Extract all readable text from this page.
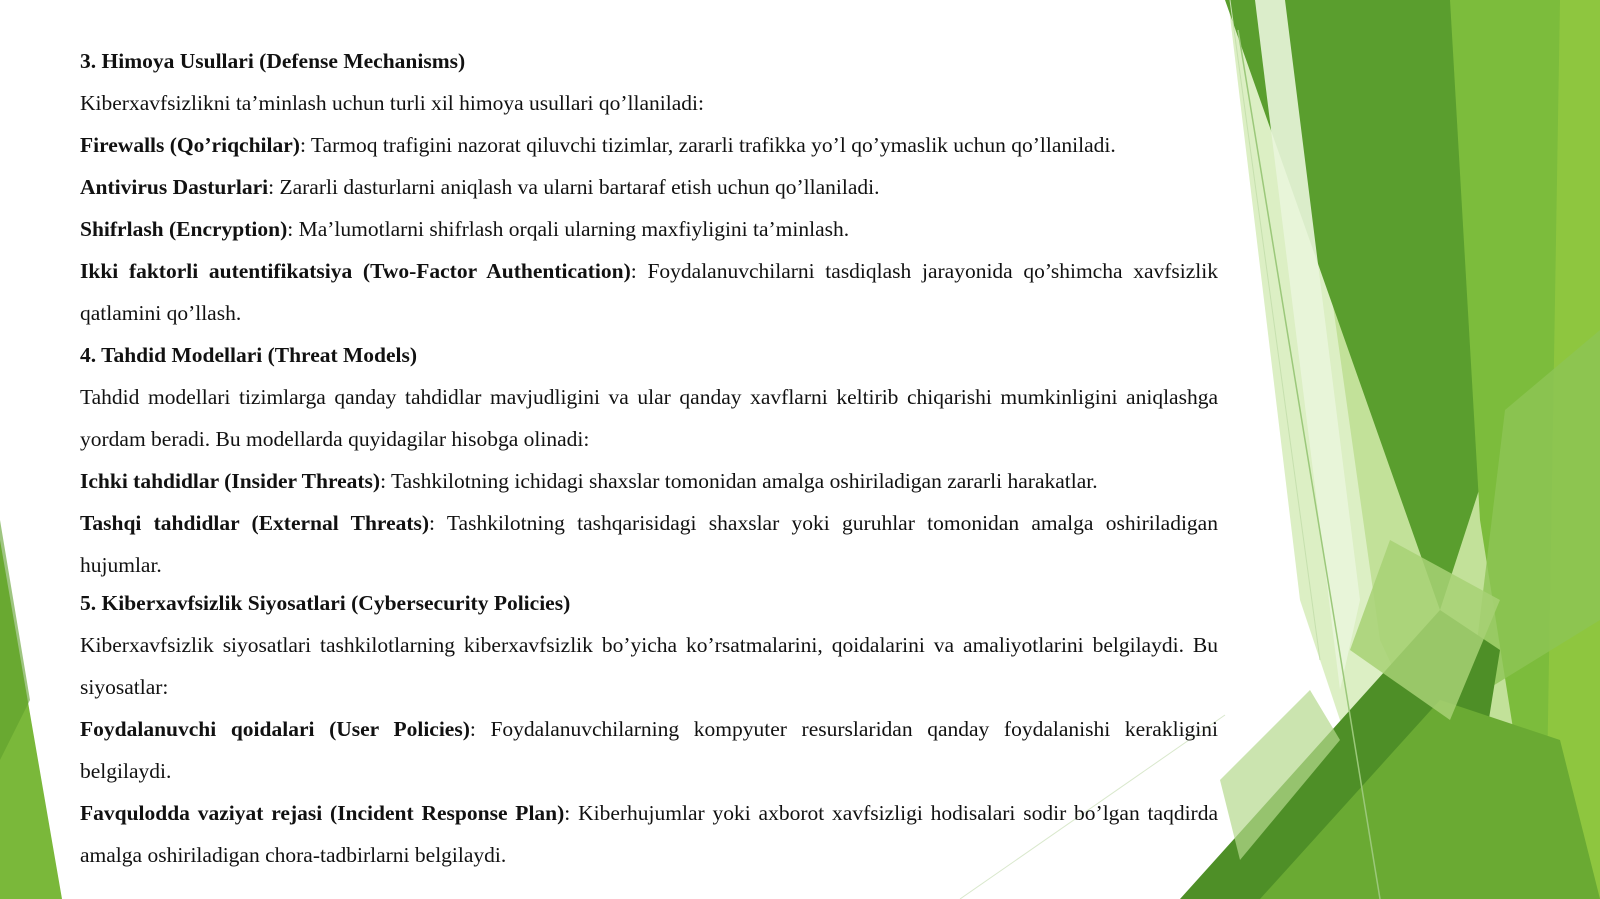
3. Himoya Usullari (Defense Mechanisms)

Kiberxavfsizlikni ta’minlash uchun turli xil himoya usullari qo’llaniladi:

Firewalls (Qo’riqchilar): Tarmoq trafigini nazorat qiluvchi tizimlar, zararli trafikka yo’l qo’ymaslik uchun qo’llaniladi.

Antivirus Dasturlari: Zararli dasturlarni aniqlash va ularni bartaraf etish uchun qo’llaniladi.

Shifrlash (Encryption): Ma’lumotlarni shifrlash orqali ularning maxfiyligini ta’minlash.

Ikki faktorli autentifikatsiya (Two-Factor Authentication): Foydalanuvchilarni tasdiqlash jarayonida qo’shimcha xavfsizlik qatlamini qo’llash.

4. Tahdid Modellari (Threat Models)

Tahdid modellari tizimlarga qanday tahdidlar mavjudligini va ular qanday xavflarni keltirib chiqarishi mumkinligini aniqlashga yordam beradi. Bu modellarda quyidagilar hisobga olinadi:

Ichki tahdidlar (Insider Threats): Tashkilotning ichidagi shaxslar tomonidan amalga oshiriladigan zararli harakatlar.

Tashqi tahdidlar (External Threats): Tashkilotning tashqarisidagi shaxslar yoki guruhlar tomonidan amalga oshiriladigan hujumlar.

5. Kiberxavfsizlik Siyosatlari (Cybersecurity Policies)

Kiberxavfsizlik siyosatlari tashkilotlarning kiberxavfsizlik bo’yicha ko’rsatmalarini, qoidalarini va amaliyotlarini belgilaydi. Bu siyosatlar:

Foydalanuvchi qoidalari (User Policies): Foydalanuvchilarning kompyuter resurslaridan qanday foydalanishi kerakligini belgilaydi.

Favqulodda vaziyat rejasi (Incident Response Plan): Kiberhujumlar yoki axborot xavfsizligi hodisalari sodir bo’lgan taqdirda amalga oshiriladigan chora-tadbirlarni belgilaydi.
